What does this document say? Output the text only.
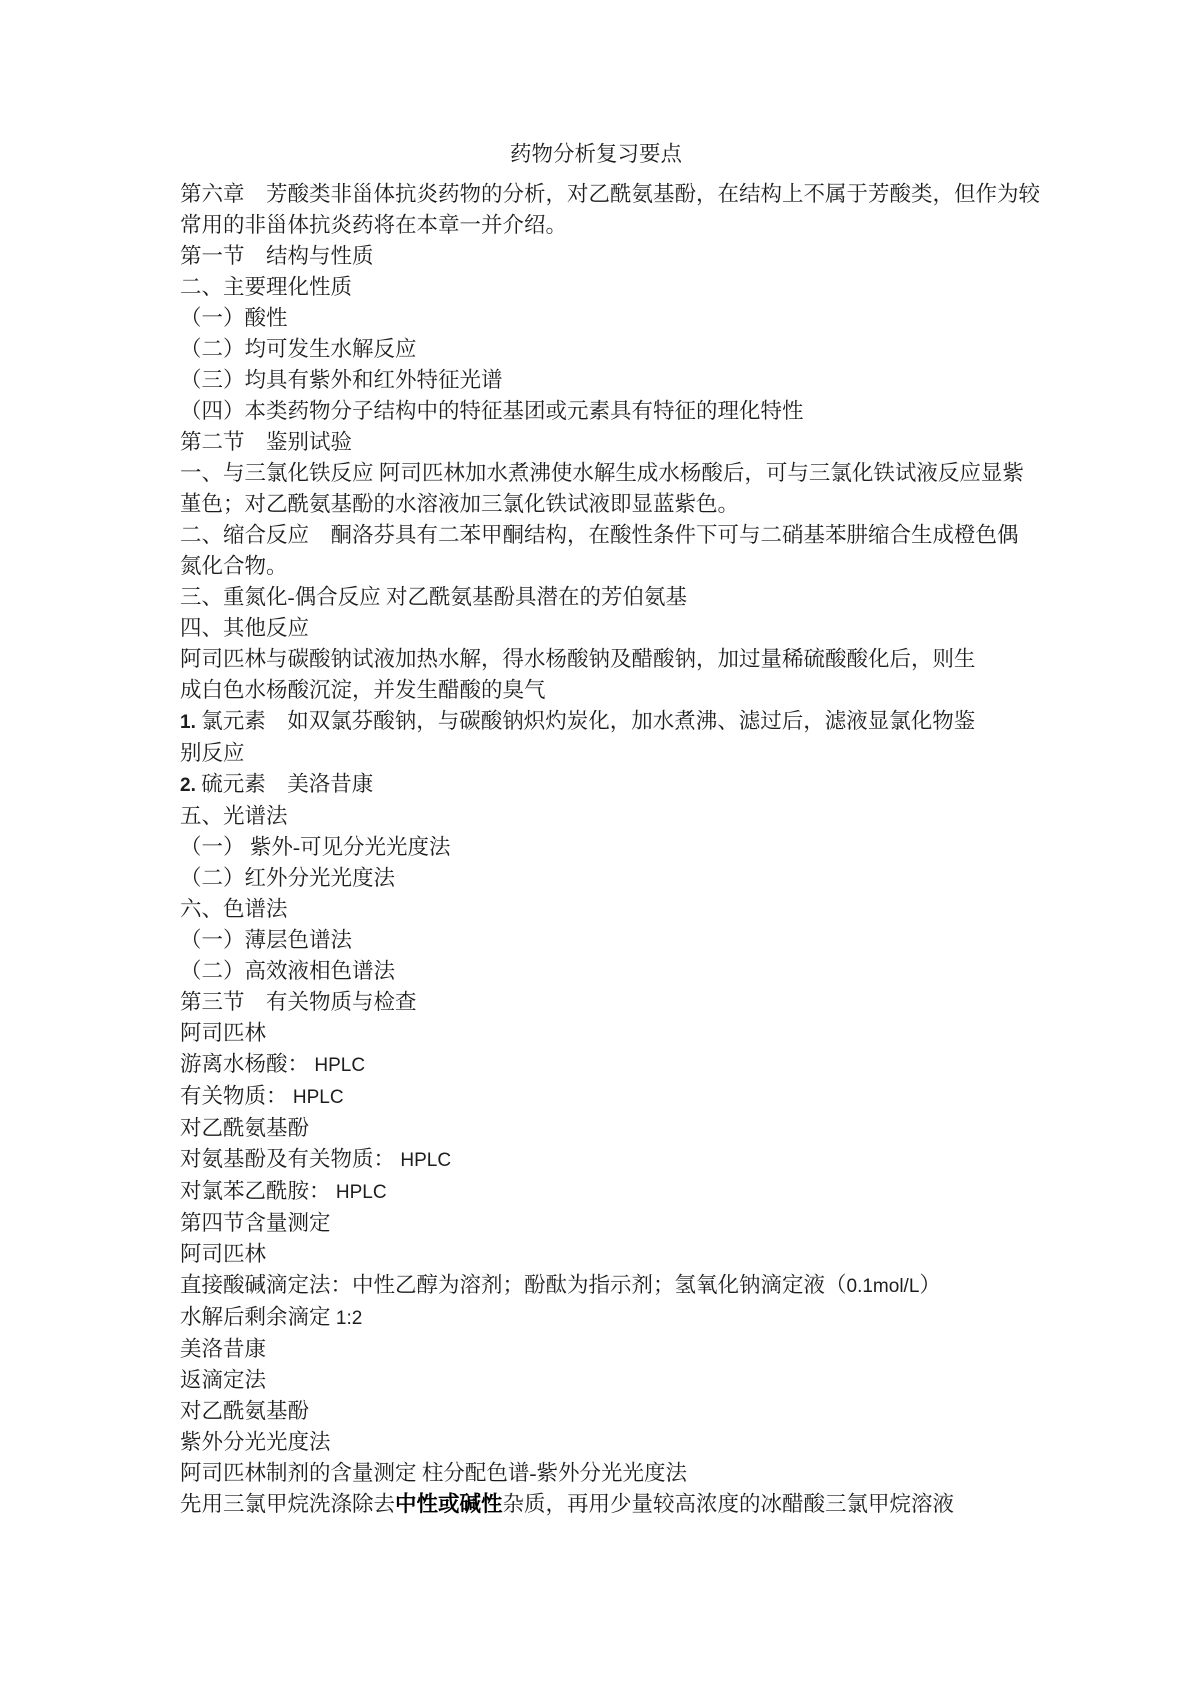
药物分析复习要点

第六章　芳酸类非甾体抗炎药物的分析，对乙酰氨基酚，在结构上不属于芳酸类，但作为较

常用的非甾体抗炎药将在本章一并介绍。

第一节　结构与性质

二、主要理化性质

（一）酸性

（二）均可发生水解反应

（三）均具有紫外和红外特征光谱

（四）本类药物分子结构中的特征基团或元素具有特征的理化特性

第二节　鉴别试验

一、与三氯化铁反应 阿司匹林加水煮沸使水解生成水杨酸后，可与三氯化铁试液反应显紫

堇色；对乙酰氨基酚的水溶液加三氯化铁试液即显蓝紫色。

二、缩合反应　酮洛芬具有二苯甲酮结构，在酸性条件下可与二硝基苯肼缩合生成橙色偶

氮化合物。

三、重氮化-偶合反应 对乙酰氨基酚具潜在的芳伯氨基

四、其他反应

阿司匹林与碳酸钠试液加热水解，得水杨酸钠及醋酸钠，加过量稀硫酸酸化后，则生

成白色水杨酸沉淀，并发生醋酸的臭气

1. 氯元素　如双氯芬酸钠，与碳酸钠炽灼炭化，加水煮沸、滤过后，滤液显氯化物鉴

别反应

2. 硫元素　美洛昔康

五、光谱法

（一） 紫外-可见分光光度法

（二）红外分光光度法

六、色谱法

（一）薄层色谱法

（二）高效液相色谱法

第三节　有关物质与检查

阿司匹林

游离水杨酸： HPLC

有关物质： HPLC

对乙酰氨基酚

对氨基酚及有关物质： HPLC

对氯苯乙酰胺： HPLC

第四节含量测定

阿司匹林

直接酸碱滴定法：中性乙醇为溶剂；酚酞为指示剂；氢氧化钠滴定液（0.1mol/L）

水解后剩余滴定 1:2

美洛昔康

返滴定法

对乙酰氨基酚

紫外分光光度法

阿司匹林制剂的含量测定 柱分配色谱-紫外分光光度法

先用三氯甲烷洗涤除去中性或碱性杂质，再用少量较高浓度的冰醋酸三氯甲烷溶液
